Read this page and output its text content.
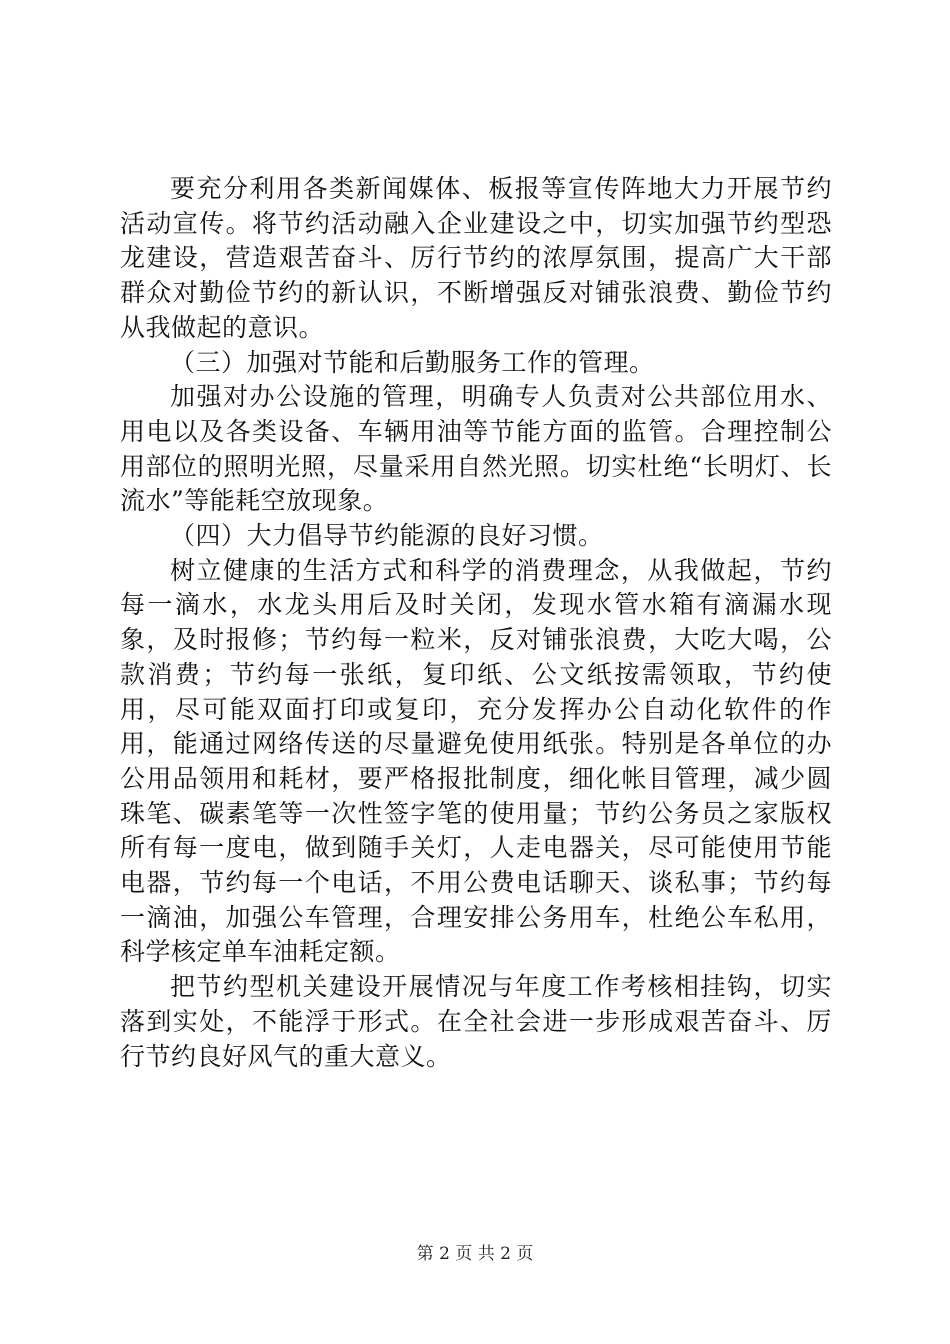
要充分利用各类新闻媒体、板报等宣传阵地大力开展节约活动宣传。将节约活动融入企业建设之中，切实加强节约型恐龙建设，营造艰苦奋斗、厉行节约的浓厚氛围，提高广大干部群众对勤俭节约的新认识，不断增强反对铺张浪费、勤俭节约从我做起的意识。

（三）加强对节能和后勤服务工作的管理。

加强对办公设施的管理，明确专人负责对公共部位用水、用电以及各类设备、车辆用油等节能方面的监管。合理控制公用部位的照明光照，尽量采用自然光照。切实杜绝“长明灯、长流水”等能耗空放现象。

（四）大力倡导节约能源的良好习惯。

树立健康的生活方式和科学的消费理念，从我做起，节约每一滴水，水龙头用后及时关闭，发现水管水箱有滴漏水现象，及时报修；节约每一粒米，反对铺张浪费，大吃大喝，公款消费；节约每一张纸，复印纸、公文纸按需领取，节约使用，尽可能双面打印或复印，充分发挥办公自动化软件的作用，能通过网络传送的尽量避免使用纸张。特别是各单位的办公用品领用和耗材，要严格报批制度，细化帐目管理，减少圆珠笔、碳素笔等一次性签字笔的使用量；节约公务员之家版权所有每一度电，做到随手关灯，人走电器关，尽可能使用节能电器，节约每一个电话，不用公费电话聊天、谈私事；节约每一滴油，加强公车管理，合理安排公务用车，杜绝公车私用，科学核定单车油耗定额。

把节约型机关建设开展情况与年度工作考核相挂钩，切实落到实处，不能浮于形式。在全社会进一步形成艰苦奋斗、厉行节约良好风气的重大意义。

第 2 页 共 2 页
